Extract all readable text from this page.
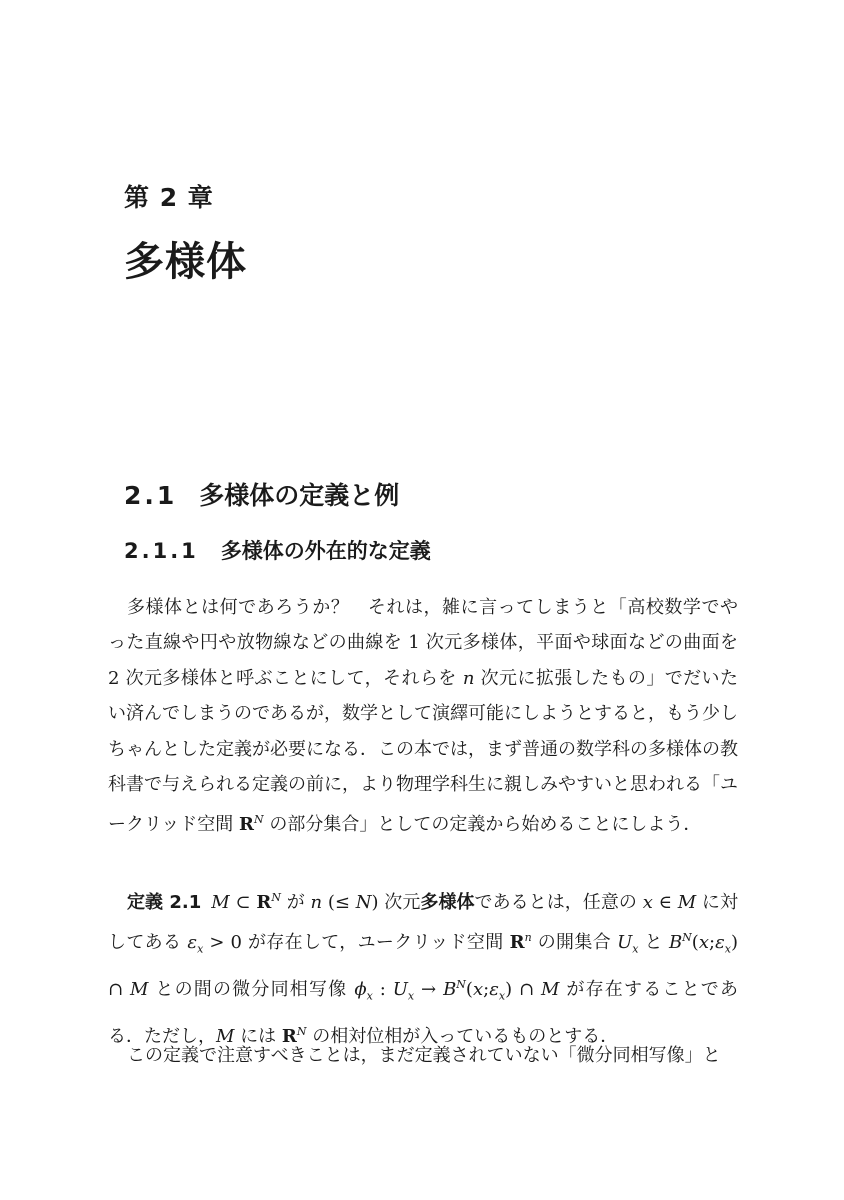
第 2 章
多様体
2.1 多様体の定義と例
2.1.1 多様体の外在的な定義

多様体とは何であろうか？　それは，雑に言ってしまうと「高校数学でやった直線や円や放物線などの曲線を 1 次元多様体，平面や球面などの曲面を 2 次元多様体と呼ぶことにして，それらを n 次元に拡張したもの」でだいたい済んでしまうのであるが，数学として演繹可能にしようとすると，もう少しちゃんとした定義が必要になる．この本では，まず普通の数学科の多様体の教科書で与えられる定義の前に，より物理学科生に親しみやすいと思われる「ユークリッド空間 $R^N$ の部分集合」としての定義から始めることにしよう．

定義 2.1 M ⊂ $R^N$ が n (≤ N) 次元多様体であるとは，任意の x ∈ M に対してある $\varepsilon_x > 0$ が存在して，ユークリッド空間 $R^n$ の開集合 $U_x$ と $B^N(x;\varepsilon_x)$ ∩ M との間の微分同相写像 $\phi_x$ : $U_x$ → $B^N(x;\varepsilon_x)$ ∩ M が存在することである．ただし，M には $R^N$ の相対位相が入っているものとする．

この定義で注意すべきことは，まだ定義されていない「微分同相写像」と
